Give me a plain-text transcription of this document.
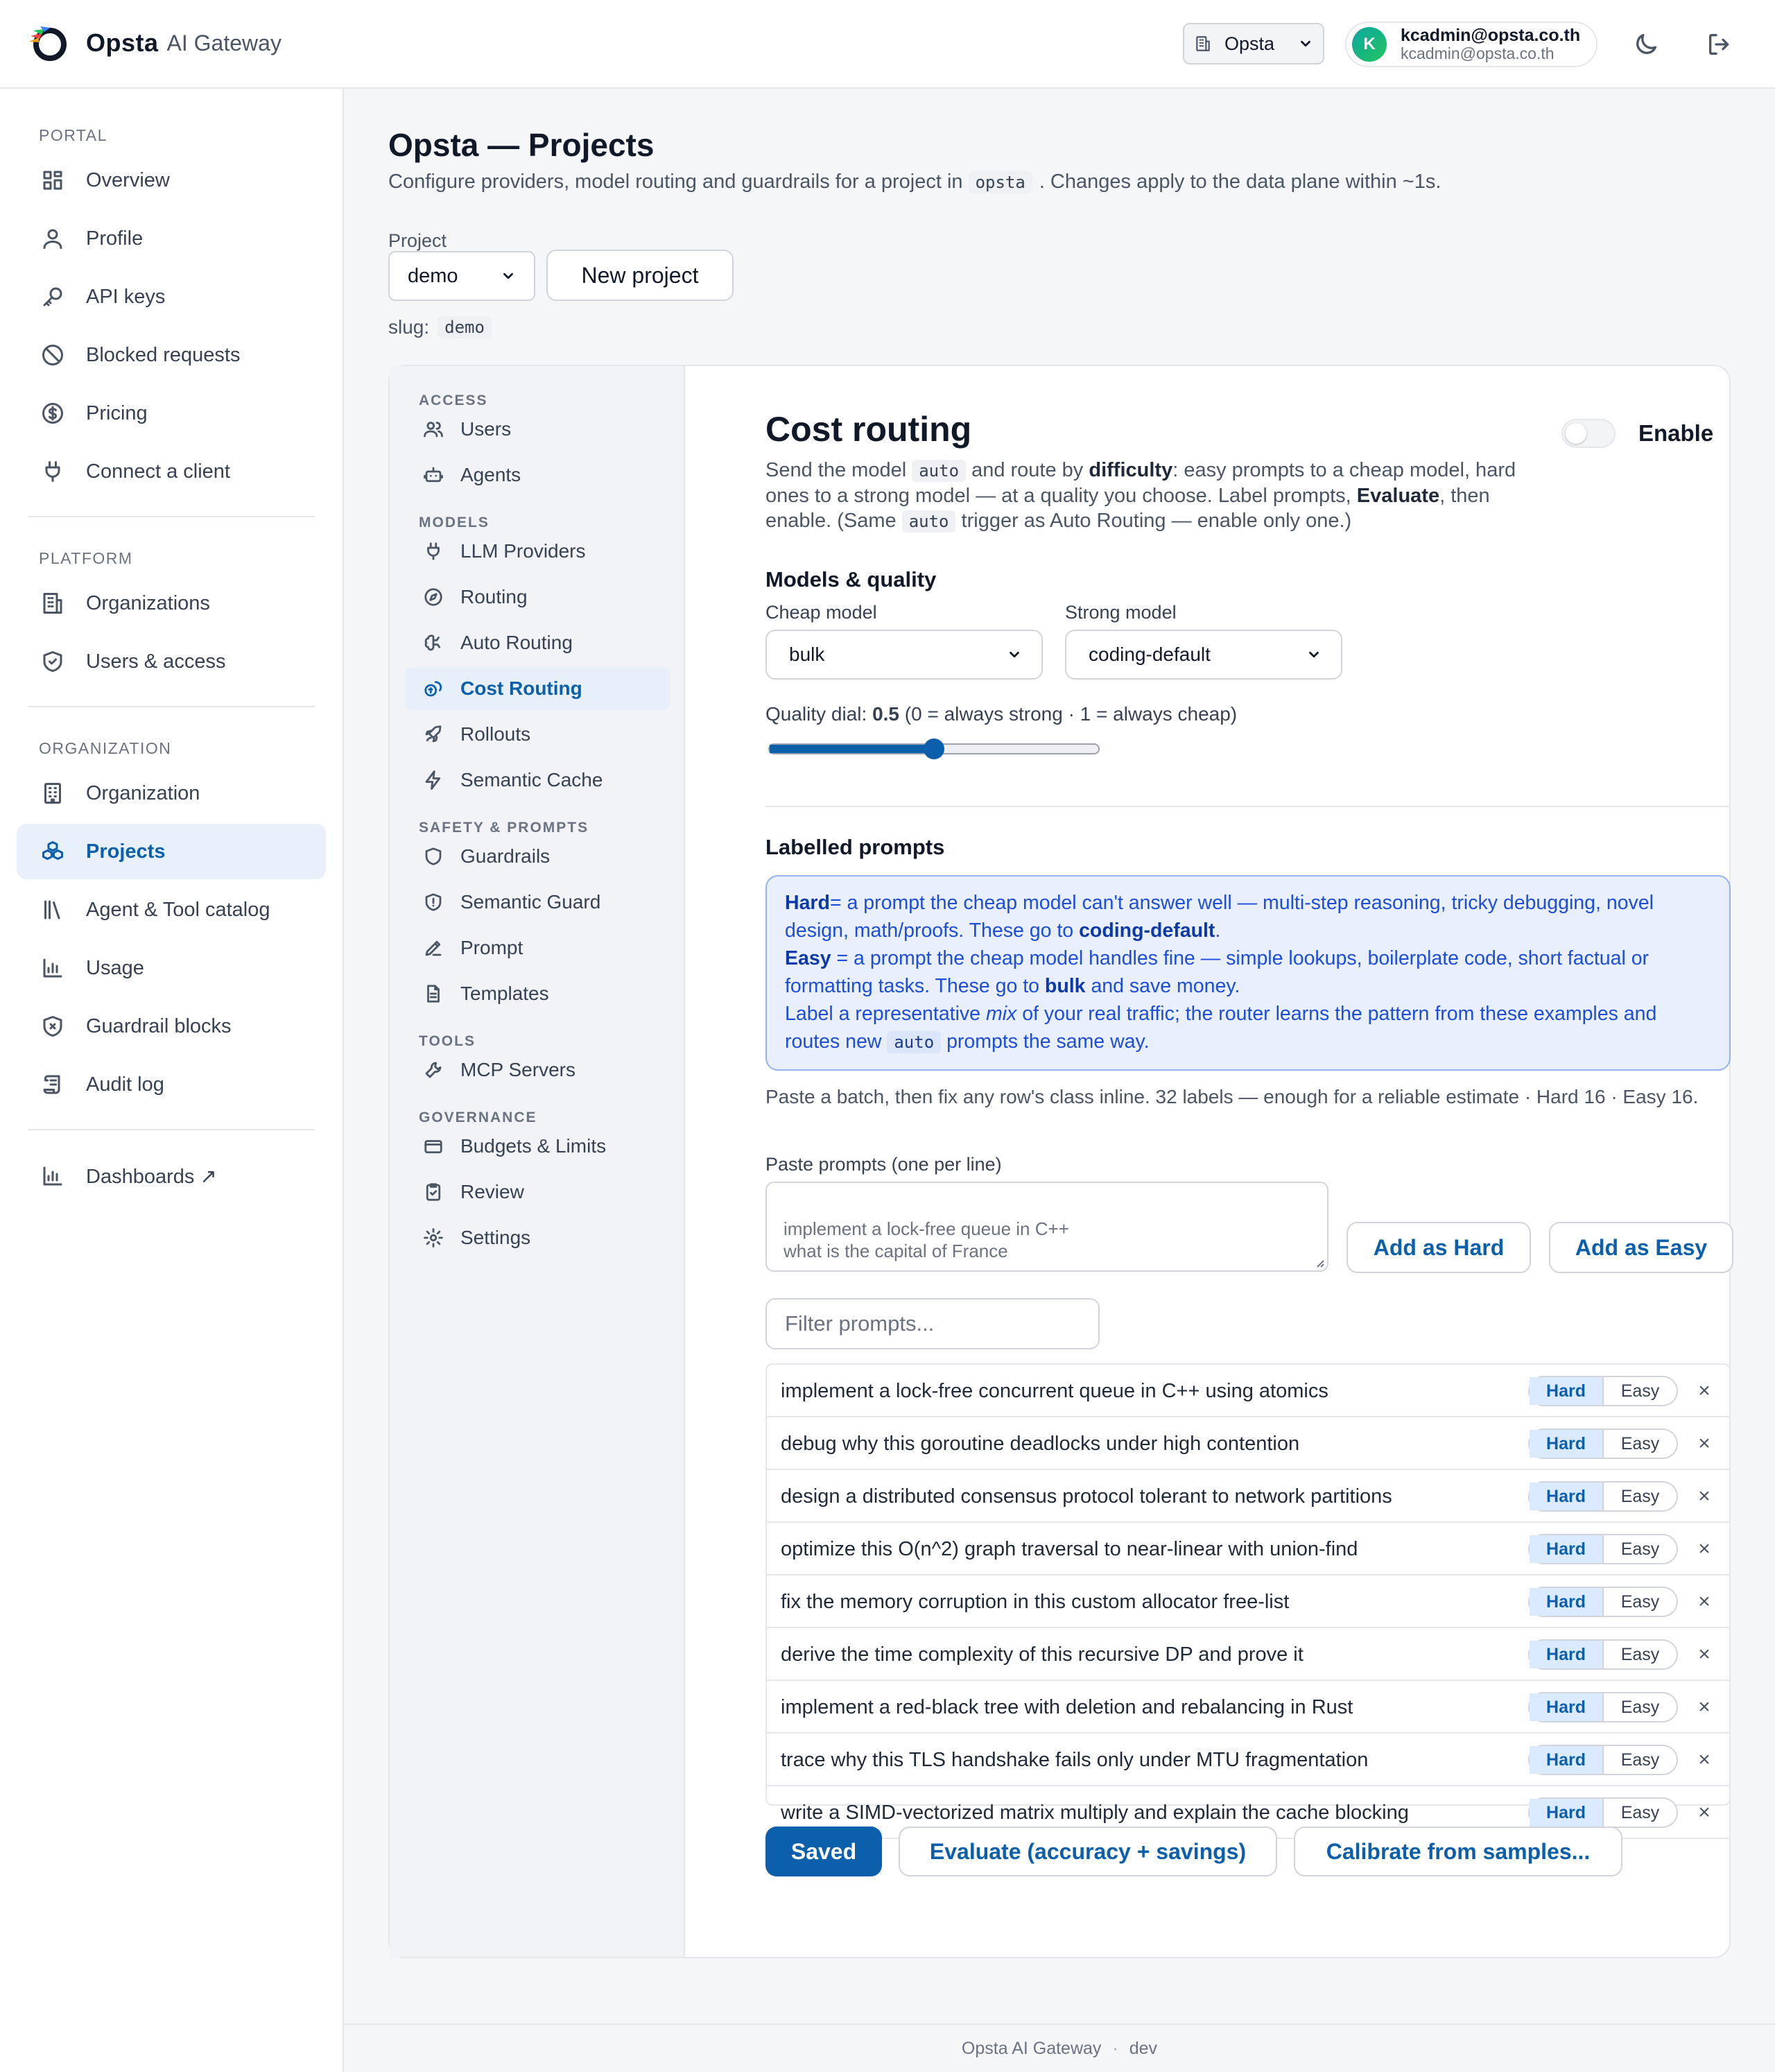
Opsta AI Gateway	Opsta	K	kcadmin@opsta.co.th
kcadmin@opsta.co.th
PORTAL
Overview
Profile
API keys
Blocked requests
Pricing
Connect a client
PLATFORM
Organizations
Users & access
ORGANIZATION
Organization
Projects
Agent & Tool catalog
Usage
Guardrail blocks
Audit log
Dashboards ↗
Opsta — Projects
Configure providers, model routing and guardrails for a project in opsta . Changes apply to the data plane within ~1s.
Project
demo	New project
slug: demo
ACCESS
Users
Agents
MODELS
LLM Providers
Routing
Auto Routing
Cost Routing
Rollouts
Semantic Cache
SAFETY & PROMPTS
Guardrails
Semantic Guard
Prompt
Templates
TOOLS
MCP Servers
GOVERNANCE
Budgets & Limits
Review
Settings
Cost routing	Enable
Send the model auto and route by difficulty: easy prompts to a cheap model, hard ones to a strong model — at a quality you choose. Label prompts, Evaluate, then enable. (Same auto trigger as Auto Routing — enable only one.)
Models & quality
Cheap model
bulk
Strong model
coding-default
Quality dial: 0.5 (0 = always strong · 1 = always cheap)
Labelled prompts

Hard= a prompt the cheap model can't answer well — multi-step reasoning, tricky debugging, novel design, math/proofs. These go to coding-default.

Easy = a prompt the cheap model handles fine — simple lookups, boilerplate code, short factual or formatting tasks. These go to bulk and save money.

Label a representative mix of your real traffic; the router learns the pattern from these examples and routes new auto prompts the same way.

Paste a batch, then fix any row's class inline. 32 labels — enough for a reliable estimate · Hard 16 · Easy 16.
Paste prompts (one per line)

implement a lock-free queue in C++
what is the capital of France	Add as Hard	Add as Easy
Filter prompts...
implement a lock-free concurrent queue in C++ using atomics	Hard	Easy	×
debug why this goroutine deadlocks under high contention	Hard	Easy	×
design a distributed consensus protocol tolerant to network partitions	Hard	Easy	×
optimize this O(n^2) graph traversal to near-linear with union-find	Hard	Easy	×
fix the memory corruption in this custom allocator free-list	Hard	Easy	×
derive the time complexity of this recursive DP and prove it	Hard	Easy	×
implement a red-black tree with deletion and rebalancing in Rust	Hard	Easy	×
trace why this TLS handshake fails only under MTU fragmentation	Hard	Easy	×
write a SIMD-vectorized matrix multiply and explain the cache blocking	Hard	Easy	×
Saved	Evaluate (accuracy + savings)	Calibrate from samples...
Opsta AI Gateway · dev
